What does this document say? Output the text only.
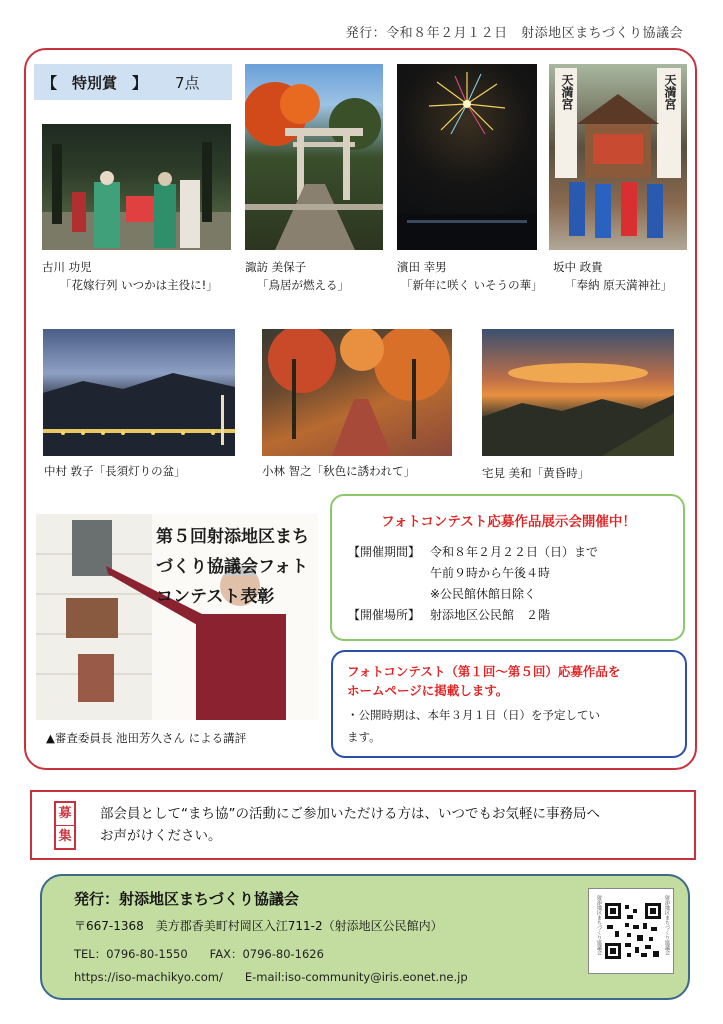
発行：令和８年２月１２日　射添地区まちづくり協議会
【　特別賞　】 7点
古川 功児
「花嫁行列 いつかは主役に!」
諏訪 美保子
「鳥居が燃える」
濱田 幸男
「新年に咲く いそうの華」
天満宮	天満宮
坂中 政貴
「奉納 原天満神社」
中村 敦子「長須灯りの盆」	小林 智之「秋色に誘われて」	宅見 美和「黄昏時」
第５回射添地区まちづくり協議会フォトコンテスト表彰
▲審査委員長 池田芳久さん による講評
フォトコンテスト応募作品展示会開催中！
【開催期間】 令和８年２月２２日（日）まで
午前９時から午後４時
※公民館休館日除く
【開催場所】 射添地区公民館　２階
フォトコンテスト（第１回～第５回）応募作品を
ホームページに掲載します。
・公開時期は、本年３月１日（日）を予定してい
ます。
募
集
部会員として“まち協”の活動にご参加いただける方は、いつでもお気軽に事務局へ
お声がけください。
発行：射添地区まちづくり協議会
〒667-1368　美方郡香美町村岡区入江711-2（射添地区公民館内）
TEL：0796-80-1550 FAX：0796-80-1626
https://iso-machikyo.com/ E-mail:iso-community@iris.eonet.ne.jp
射添地区まちづくり協議会	射添地区まちづくり協議会
